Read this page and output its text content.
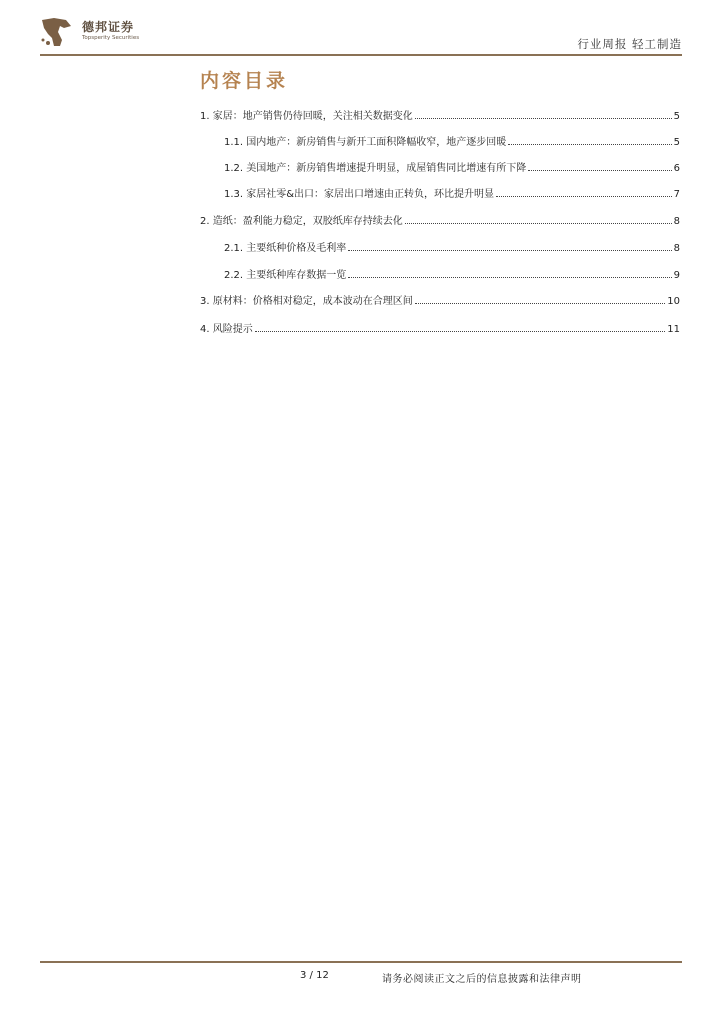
德邦证券
Topsperity Securities	行业周报 轻工制造
内容目录
1. 家居：地产销售仍待回暖，关注相关数据变化	5
1.1. 国内地产：新房销售与新开工面积降幅收窄，地产逐步回暖	5
1.2. 美国地产：新房销售增速提升明显，成屋销售同比增速有所下降	6
1.3. 家居社零&出口：家居出口增速由正转负，环比提升明显	7
2. 造纸：盈利能力稳定，双胶纸库存持续去化	8
2.1. 主要纸种价格及毛利率	8
2.2. 主要纸种库存数据一览	9
3. 原材料：价格相对稳定，成本波动在合理区间	10
4. 风险提示	11
3 / 12	请务必阅读正文之后的信息披露和法律声明
